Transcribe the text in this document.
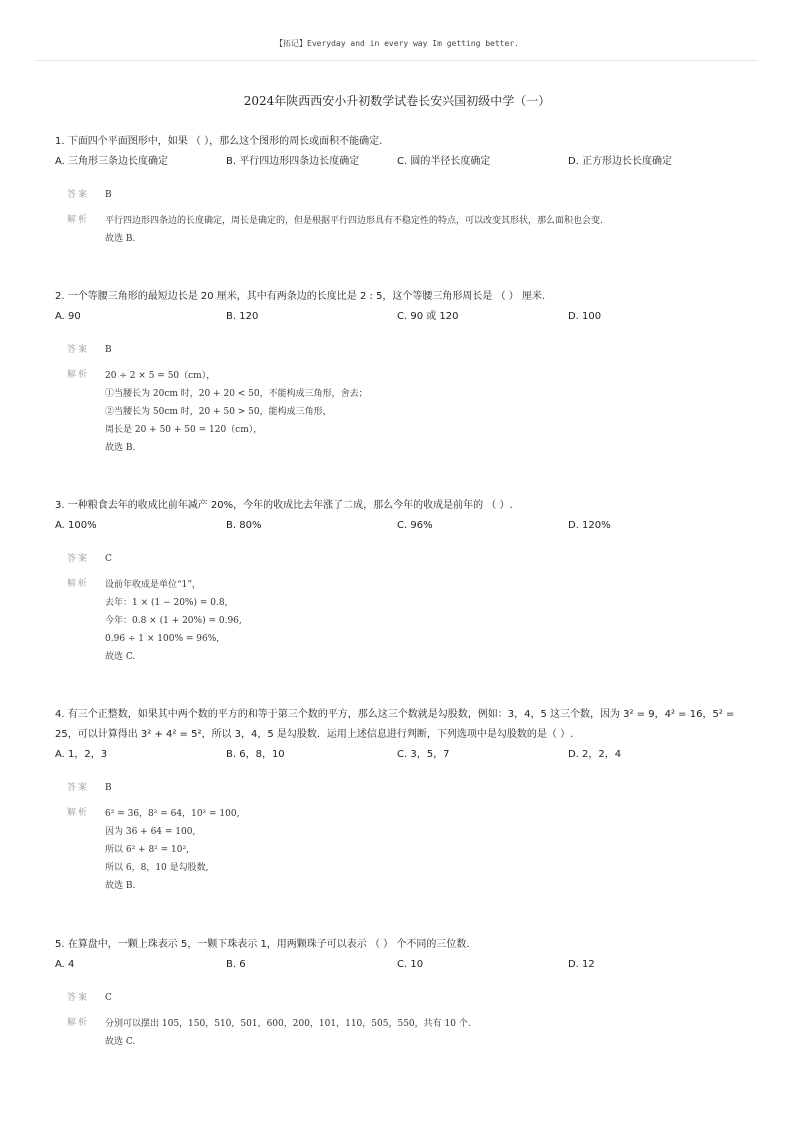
【拓记】Everyday and in every way Im getting better.
2024年陕西西安小升初数学试卷长安兴国初级中学（一）

1. 下面四个平面图形中，如果 （ ），那么这个图形的周长或面积不能确定.

A. 三角形三条边长度确定	B. 平行四边形四条边长度确定	C. 圆的半径长度确定	D. 正方形边长长度确定
答案	B
解析	平行四边形四条边的长度确定，周长是确定的，但是根据平行四边形具有不稳定性的特点，可以改变其形状，那么面积也会变.
故选 B.

2. 一个等腰三角形的最短边长是 20 厘米，其中有两条边的长度比是 2 : 5，这个等腰三角形周长是 （ ） 厘米.

A. 90	B. 120	C. 90 或 120	D. 100
答案	B
解析	20 ÷ 2 × 5 = 50（cm），
①当腰长为 20cm 时，20 + 20 < 50，不能构成三角形，舍去；
②当腰长为 50cm 时，20 + 50 > 50，能构成三角形，
周长是 20 + 50 + 50 = 120（cm），
故选 B.

3. 一种粮食去年的收成比前年减产 20%，今年的收成比去年涨了二成，那么今年的收成是前年的 （ ）.

A. 100%	B. 80%	C. 96%	D. 120%
答案	C
解析	设前年收成是单位“1”，
去年：1 × (1 − 20%) = 0.8,
今年：0.8 × (1 + 20%) = 0.96,
0.96 ÷ 1 × 100% = 96%,
故选 C.

4. 有三个正整数，如果其中两个数的平方的和等于第三个数的平方，那么这三个数就是勾股数，例如：3，4，5 这三个数，因为 3² = 9，4² = 16，5² = 25，可以计算得出 3² + 4² = 5²，所以 3，4，5 是勾股数．运用上述信息进行判断，下列选项中是勾股数的是（ ）.

A. 1，2，3	B. 6，8，10	C. 3，5，7	D. 2，2，4
答案	B
解析	6² = 36，8² = 64，10² = 100,
因为 36 + 64 = 100,
所以 6² + 8² = 10²,
所以 6，8，10 是勾股数,
故选 B.

5. 在算盘中，一颗上珠表示 5，一颗下珠表示 1，用两颗珠子可以表示 （ ） 个不同的三位数.

A. 4	B. 6	C. 10	D. 12
答案	C
解析	分别可以摆出 105，150，510，501，600，200，101，110，505，550，共有 10 个.
故选 C.
